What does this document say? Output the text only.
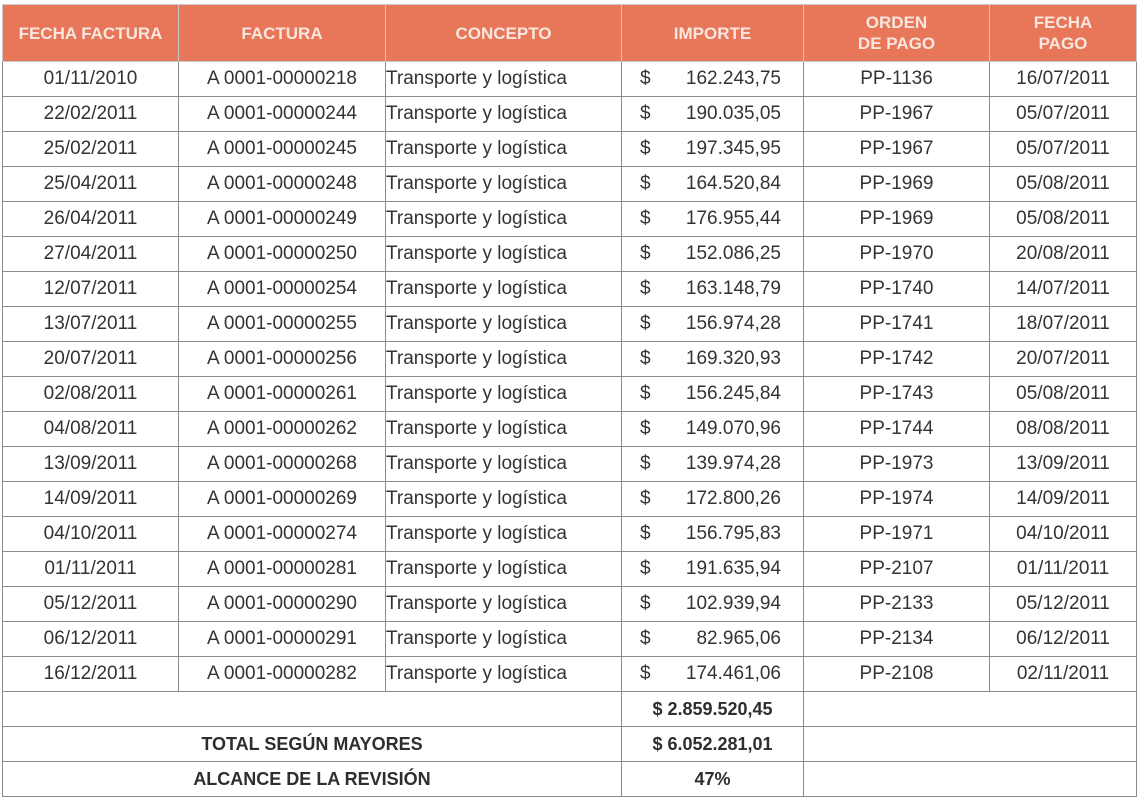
FECHA FACTURA	FACTURA	CONCEPTO	IMPORTE	ORDEN DE PAGO	FECHA PAGO

01/11/2010	A 0001-00000218	Transporte y logística	$ 162.243,75	PP-1136	16/07/2011
22/02/2011	A 0001-00000244	Transporte y logística	$ 190.035,05	PP-1967	05/07/2011
25/02/2011	A 0001-00000245	Transporte y logística	$ 197.345,95	PP-1967	05/07/2011
25/04/2011	A 0001-00000248	Transporte y logística	$ 164.520,84	PP-1969	05/08/2011
26/04/2011	A 0001-00000249	Transporte y logística	$ 176.955,44	PP-1969	05/08/2011
27/04/2011	A 0001-00000250	Transporte y logística	$ 152.086,25	PP-1970	20/08/2011
12/07/2011	A 0001-00000254	Transporte y logística	$ 163.148,79	PP-1740	14/07/2011
13/07/2011	A 0001-00000255	Transporte y logística	$ 156.974,28	PP-1741	18/07/2011
20/07/2011	A 0001-00000256	Transporte y logística	$ 169.320,93	PP-1742	20/07/2011
02/08/2011	A 0001-00000261	Transporte y logística	$ 156.245,84	PP-1743	05/08/2011
04/08/2011	A 0001-00000262	Transporte y logística	$ 149.070,96	PP-1744	08/08/2011
13/09/2011	A 0001-00000268	Transporte y logística	$ 139.974,28	PP-1973	13/09/2011
14/09/2011	A 0001-00000269	Transporte y logística	$ 172.800,26	PP-1974	14/09/2011
04/10/2011	A 0001-00000274	Transporte y logística	$ 156.795,83	PP-1971	04/10/2011
01/11/2011	A 0001-00000281	Transporte y logística	$ 191.635,94	PP-2107	01/11/2011
05/12/2011	A 0001-00000290	Transporte y logística	$ 102.939,94	PP-2133	05/12/2011
06/12/2011	A 0001-00000291	Transporte y logística	$ 82.965,06	PP-2134	06/12/2011
16/12/2011	A 0001-00000282	Transporte y logística	$ 174.461,06	PP-2108	02/11/2011
			$ 2.859.520,45		
TOTAL SEGÚN MAYORES			$ 6.052.281,01		
ALCANCE DE LA REVISIÓN			47%		
